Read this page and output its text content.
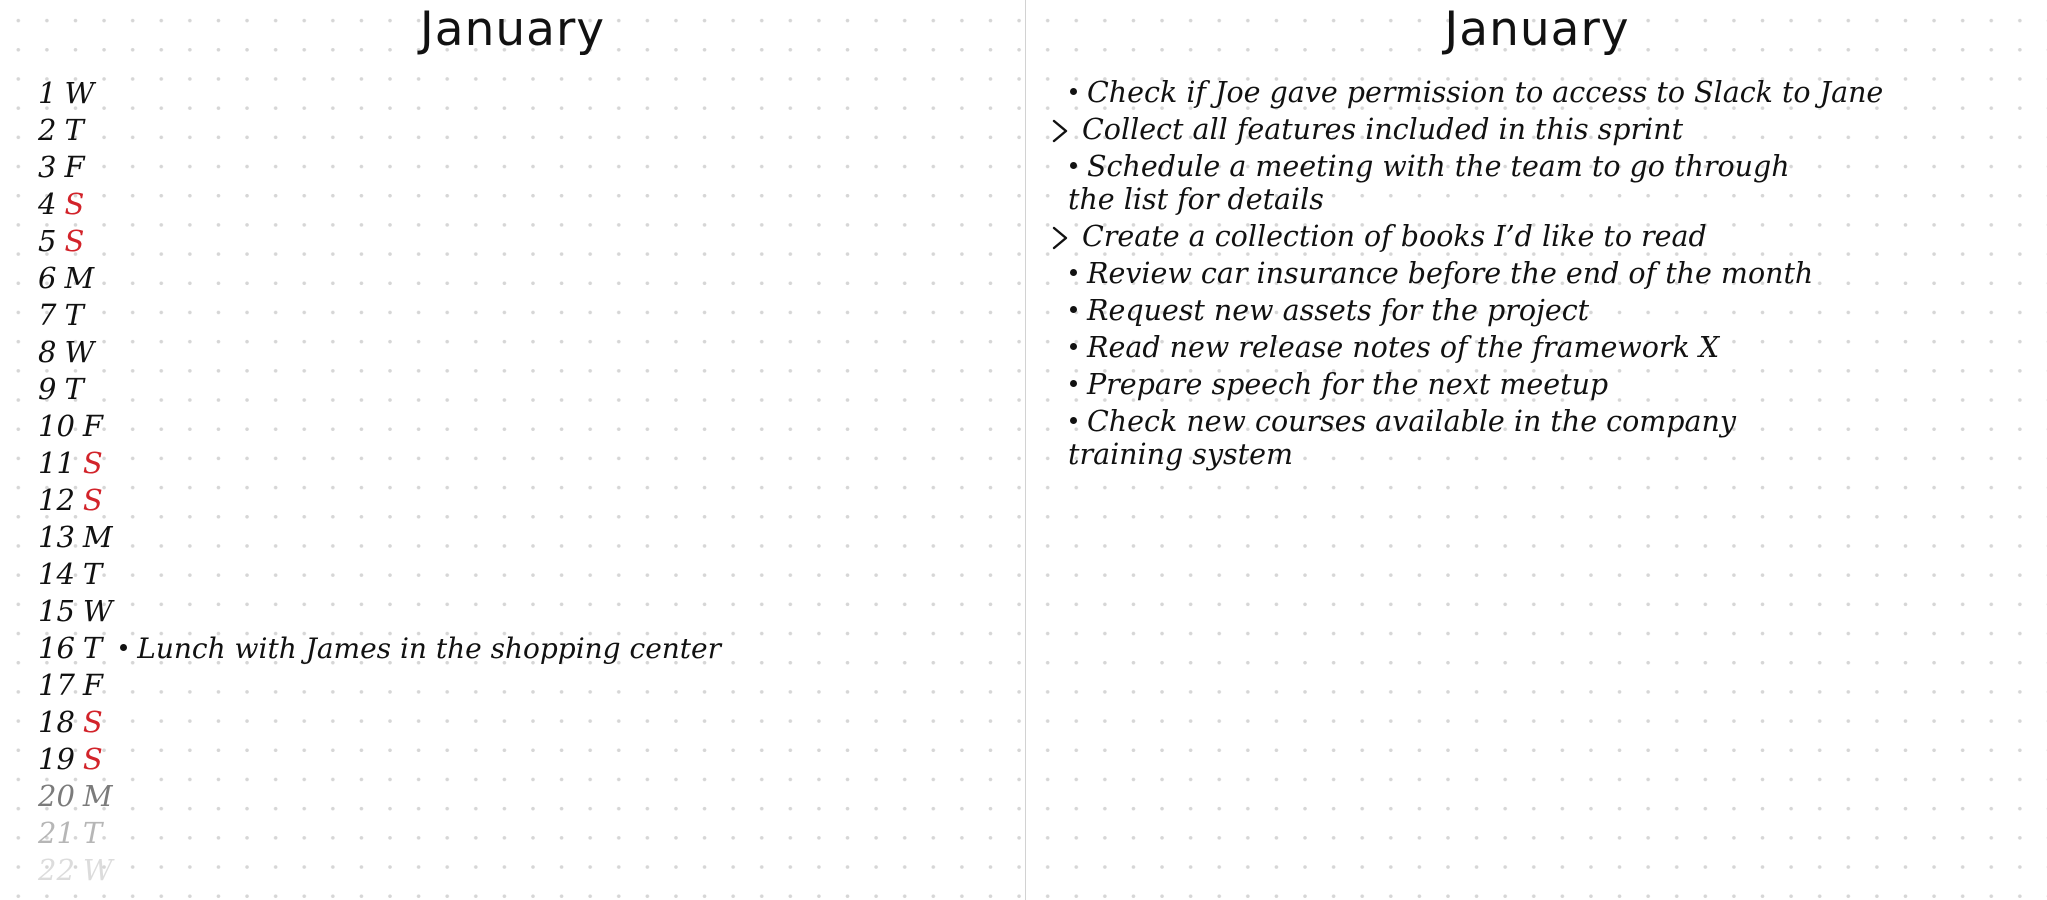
January
1 W
2 T
3 F
4 S
5 S
6 M
7 T
8 W
9 T
10 F
11 S
12 S
13 M
14 T
15 W
16 T Lunch with James in the shopping center
17 F
18 S
19 S
20 M
21 T
22 W
January
Check if Joe gave permission to access to Slack to Jane
Collect all features included in this sprint
Schedule a meeting with the team to go through
the list for details
Create a collection of books I’d like to read
Review car insurance before the end of the month
Request new assets for the project
Read new release notes of the framework X
Prepare speech for the next meetup
Check new courses available in the company
training system
